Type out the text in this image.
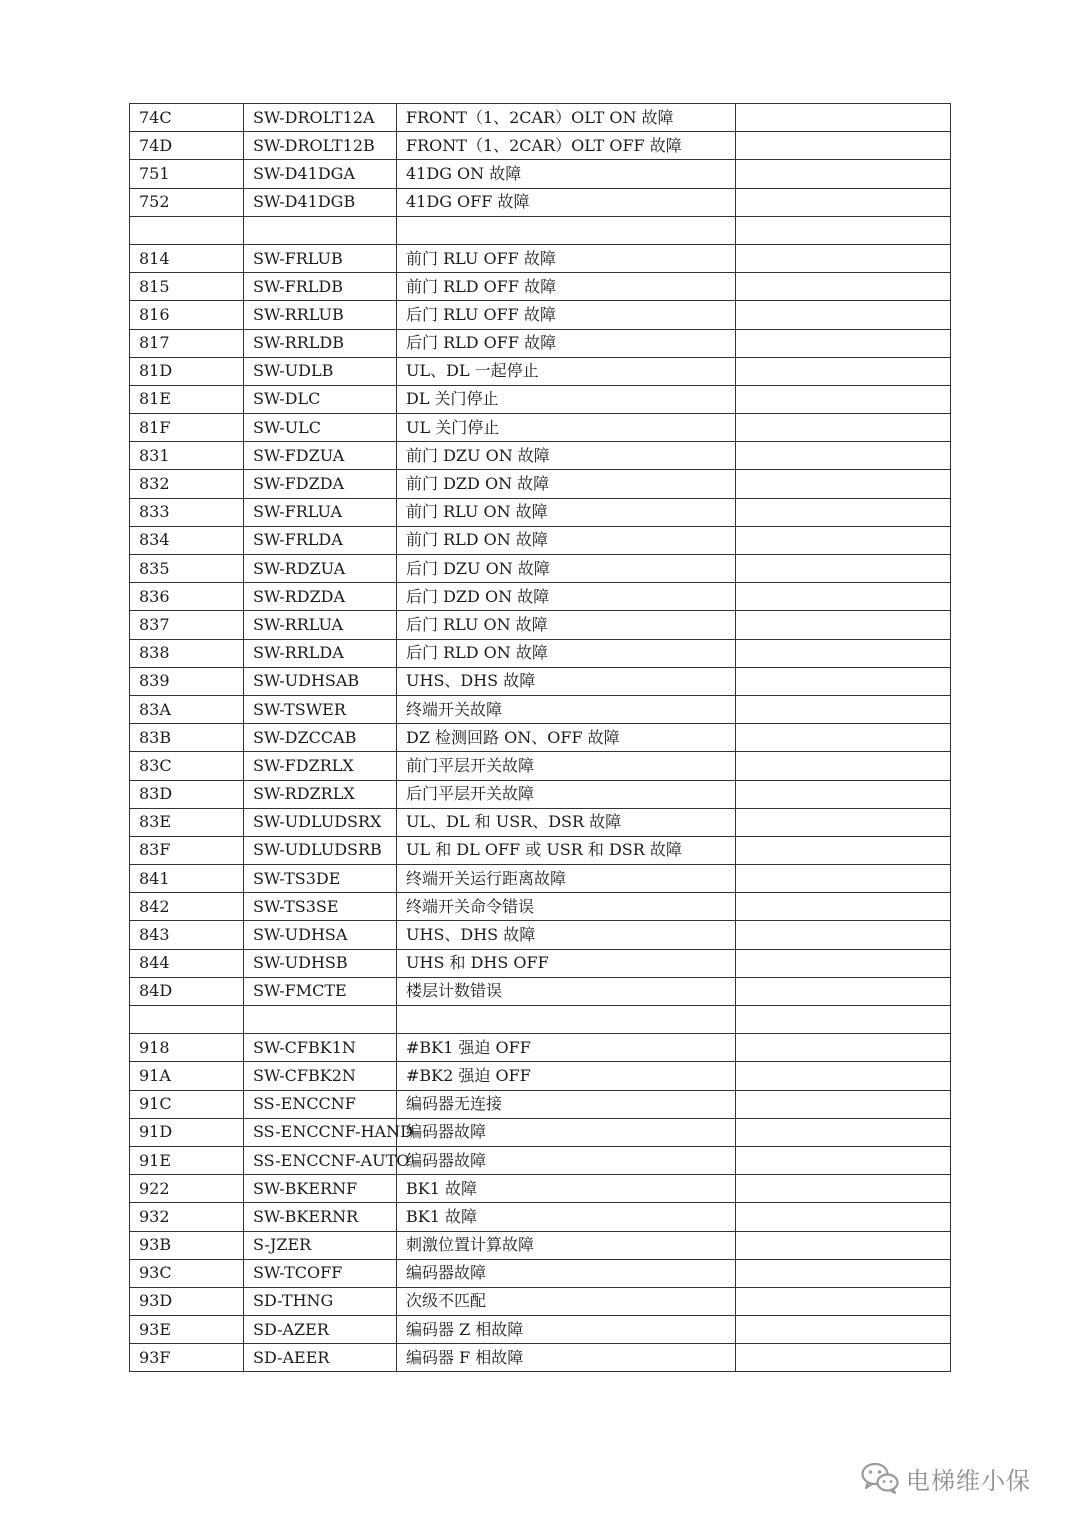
74C	SW-DROLT12A	FRONT（1、2CAR）OLT ON 故障	
74D	SW-DROLT12B	FRONT（1、2CAR）OLT OFF 故障	
751	SW-D41DGA	41DG ON 故障	
752	SW-D41DGB	41DG OFF 故障	

814	SW-FRLUB	前门 RLU OFF 故障	
815	SW-FRLDB	前门 RLD OFF 故障	
816	SW-RRLUB	后门 RLU OFF 故障	
817	SW-RRLDB	后门 RLD OFF 故障	
81D	SW-UDLB	UL、DL 一起停止	
81E	SW-DLC	DL 关门停止	
81F	SW-ULC	UL 关门停止	
831	SW-FDZUA	前门 DZU ON 故障	
832	SW-FDZDA	前门 DZD ON 故障	
833	SW-FRLUA	前门 RLU ON 故障	
834	SW-FRLDA	前门 RLD ON 故障	
835	SW-RDZUA	后门 DZU ON 故障	
836	SW-RDZDA	后门 DZD ON 故障	
837	SW-RRLUA	后门 RLU ON 故障	
838	SW-RRLDA	后门 RLD ON 故障	
839	SW-UDHSAB	UHS、DHS 故障	
83A	SW-TSWER	终端开关故障	
83B	SW-DZCCAB	DZ 检测回路 ON、OFF 故障	
83C	SW-FDZRLX	前门平层开关故障	
83D	SW-RDZRLX	后门平层开关故障	
83E	SW-UDLUDSRX	UL、DL 和 USR、DSR 故障	
83F	SW-UDLUDSRB	UL 和 DL OFF 或 USR 和 DSR 故障	
841	SW-TS3DE	终端开关运行距离故障	
842	SW-TS3SE	终端开关命令错误	
843	SW-UDHSA	UHS、DHS 故障	
844	SW-UDHSB	UHS 和 DHS OFF	
84D	SW-FMCTE	楼层计数错误	

918	SW-CFBK1N	#BK1 强迫 OFF	
91A	SW-CFBK2N	#BK2 强迫 OFF	
91C	SS-ENCCNF	编码器无连接	
91D	SS-ENCCNF-HAND	编码器故障	
91E	SS-ENCCNF-AUTO	编码器故障	
922	SW-BKERNF	BK1 故障	
932	SW-BKERNR	BK1 故障	
93B	S-JZER	刺激位置计算故障	
93C	SW-TCOFF	编码器故障	
93D	SD-THNG	次级不匹配	
93E	SD-AZER	编码器 Z 相故障	
93F	SD-AEER	编码器 F 相故障	
电梯维小保
